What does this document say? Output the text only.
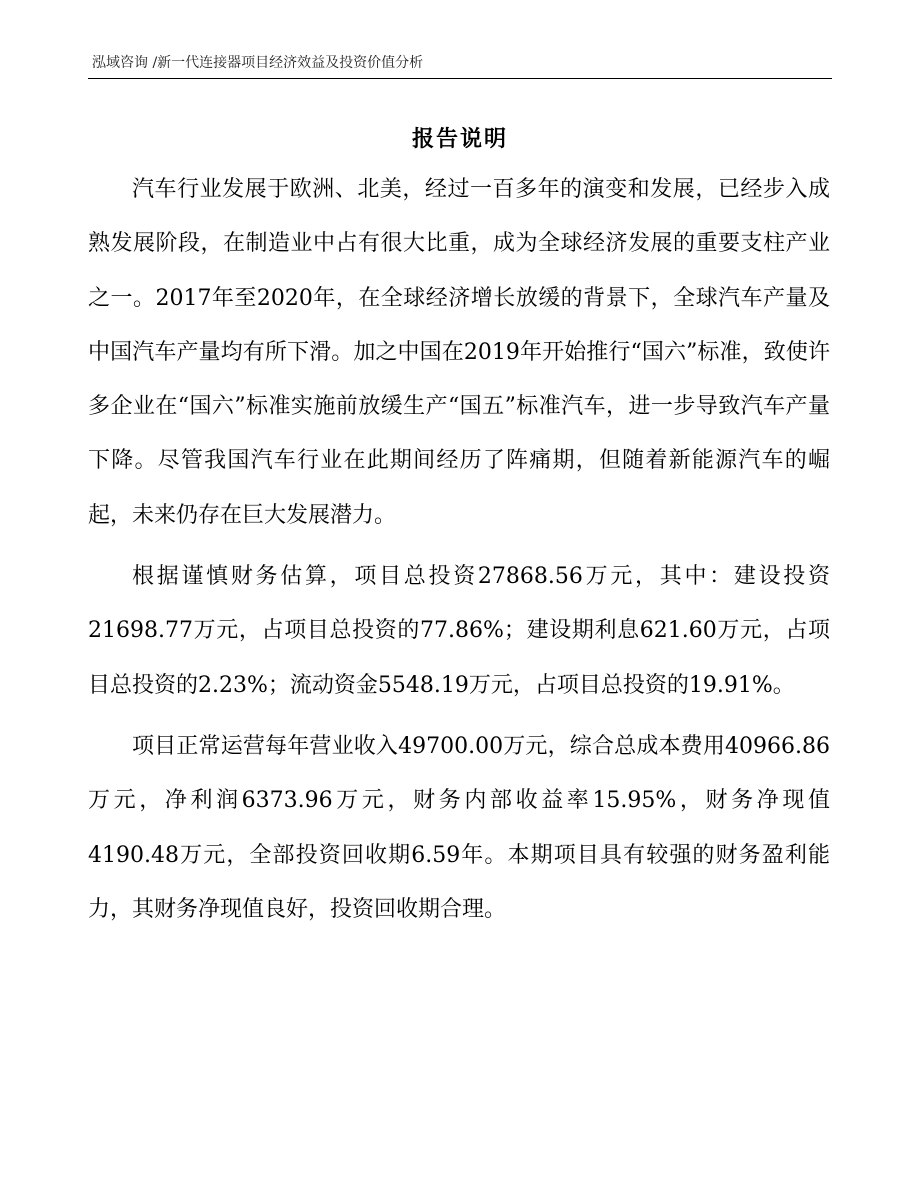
泓域咨询 /新一代连接器项目经济效益及投资价值分析
报告说明

汽车行业发展于欧洲、北美，经过一百多年的演变和发展，已经步入成熟发展阶段，在制造业中占有很大比重，成为全球经济发展的重要支柱产业之一。2017年至2020年，在全球经济增长放缓的背景下，全球汽车产量及中国汽车产量均有所下滑。加之中国在2019年开始推行“国六”标准，致使许多企业在“国六”标准实施前放缓生产“国五”标准汽车，进一步导致汽车产量下降。尽管我国汽车行业在此期间经历了阵痛期，但随着新能源汽车的崛起，未来仍存在巨大发展潜力。

根据谨慎财务估算，项目总投资27868.56万元，其中：建设投资21698.77万元，占项目总投资的77.86%；建设期利息621.60万元，占项目总投资的2.23%；流动资金5548.19万元，占项目总投资的19.91%。

项目正常运营每年营业收入49700.00万元，综合总成本费用40966.86万元，净利润6373.96万元，财务内部收益率15.95%，财务净现值4190.48万元，全部投资回收期6.59年。本期项目具有较强的财务盈利能力，其财务净现值良好，投资回收期合理。
